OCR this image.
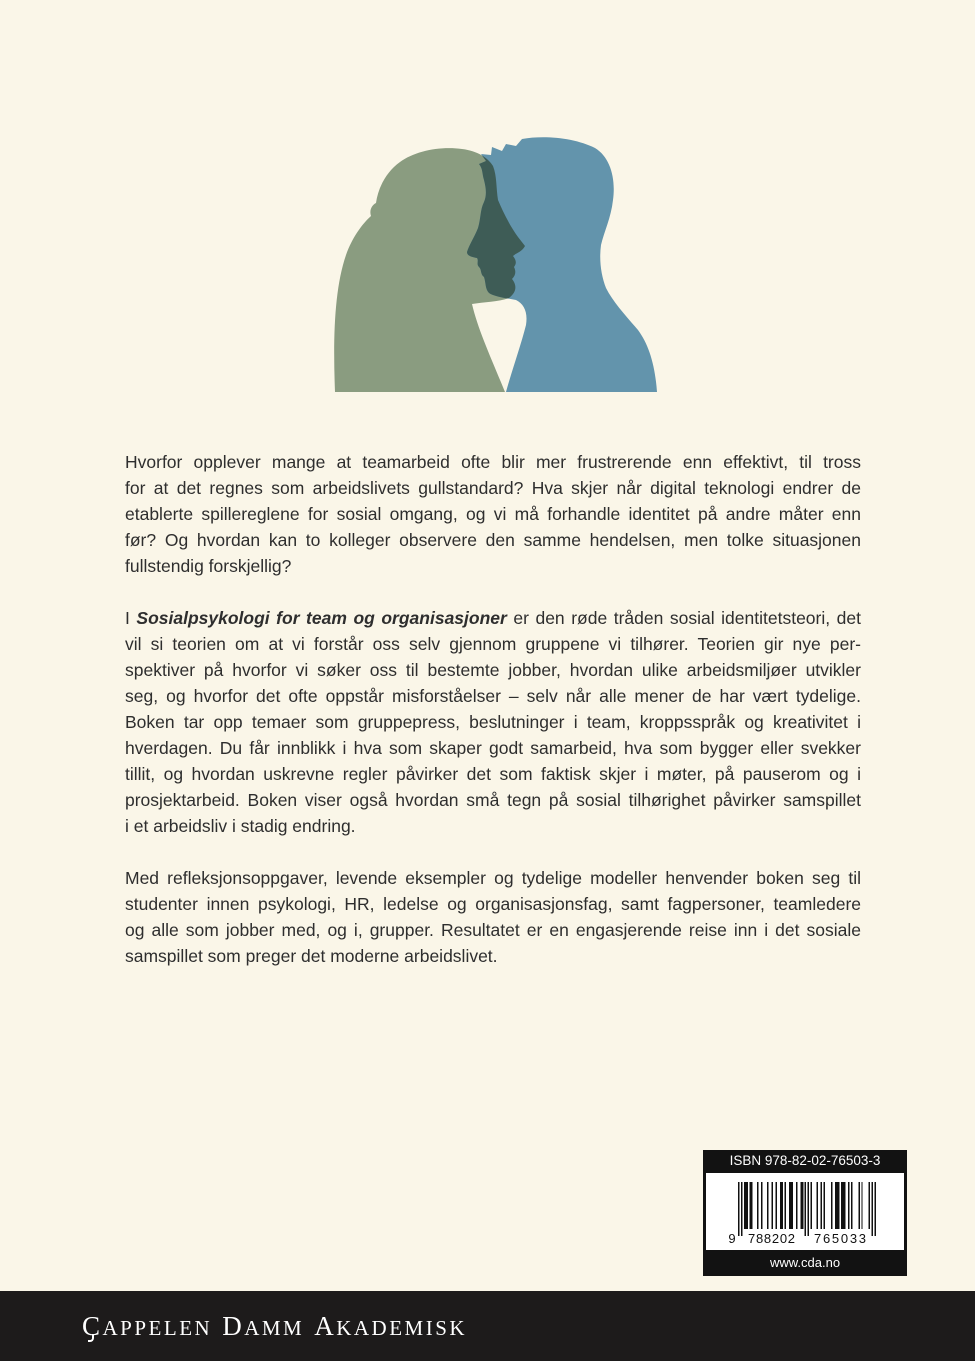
Hvorfor opplever mange at teamarbeid ofte blir mer frustrerende enn effektivt, til tross
for at det regnes som arbeidslivets gullstandard? Hva skjer når digital teknologi endrer de
etablerte spillereglene for sosial omgang, og vi må forhandle identitet på andre måter enn
før? Og hvordan kan to kolleger observere den samme hendelsen, men tolke situasjonen
fullstendig forskjellig?
I Sosialpsykologi for team og organisasjoner er den røde tråden sosial identitetsteori, det
vil si teorien om at vi forstår oss selv gjennom gruppene vi tilhører. Teorien gir nye per-
spektiver på hvorfor vi søker oss til bestemte jobber, hvordan ulike arbeidsmiljøer utvikler
seg, og hvorfor det ofte oppstår misforståelser – selv når alle mener de har vært tydelige.
Boken tar opp temaer som gruppepress, beslutninger i team, kroppsspråk og kreativitet i
hverdagen. Du får innblikk i hva som skaper godt samarbeid, hva som bygger eller svekker
tillit, og hvordan uskrevne regler påvirker det som faktisk skjer i møter, på pauserom og i
prosjektarbeid. Boken viser også hvordan små tegn på sosial tilhørighet påvirker samspillet
i et arbeidsliv i stadig endring.
Med refleksjonsoppgaver, levende eksempler og tydelige modeller henvender boken seg til
studenter innen psykologi, HR, ledelse og organisasjonsfag, samt fagpersoner, teamledere
og alle som jobber med, og i, grupper. Resultatet er en engasjerende reise inn i det sosiale
samspillet som preger det moderne arbeidslivet.
ISBN 978-82-02-76503-3
9 788202 765033
www.cda.no
CAPPELEN DAMM AKADEMISK
